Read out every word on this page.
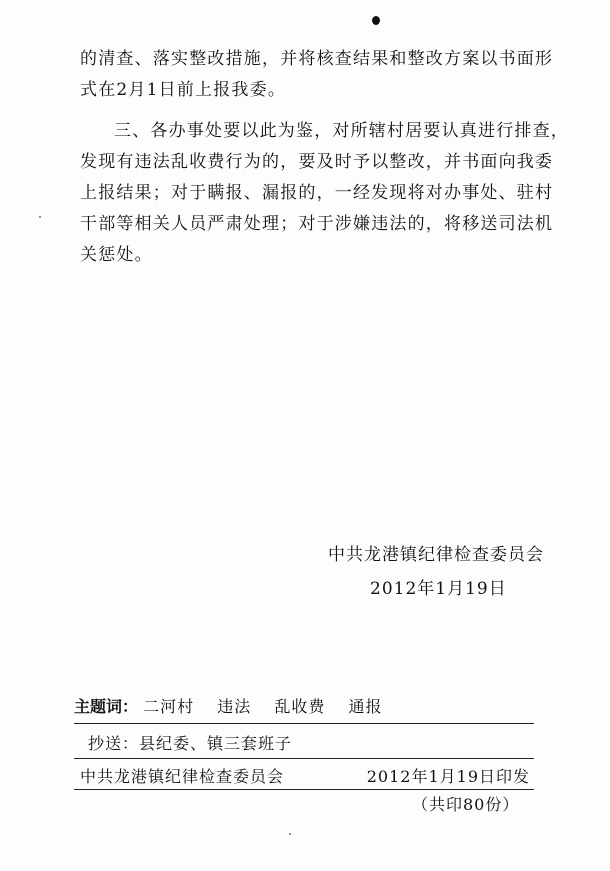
的清查、落实整改措施，并将核查结果和整改方案以书面形
式在2月1日前上报我委。
三、各办事处要以此为鉴，对所辖村居要认真进行排查，
发现有违法乱收费行为的，要及时予以整改，并书面向我委
上报结果；对于瞒报、漏报的，一经发现将对办事处、驻村
干部等相关人员严肃处理；对于涉嫌违法的，将移送司法机
关惩处。
中共龙港镇纪律检查委员会
2012年1月19日
主题词： 二河村 违法 乱收费 通报
抄送：县纪委、镇三套班子
中共龙港镇纪律检查委员会	2012年1月19日印发
（共印80份）
